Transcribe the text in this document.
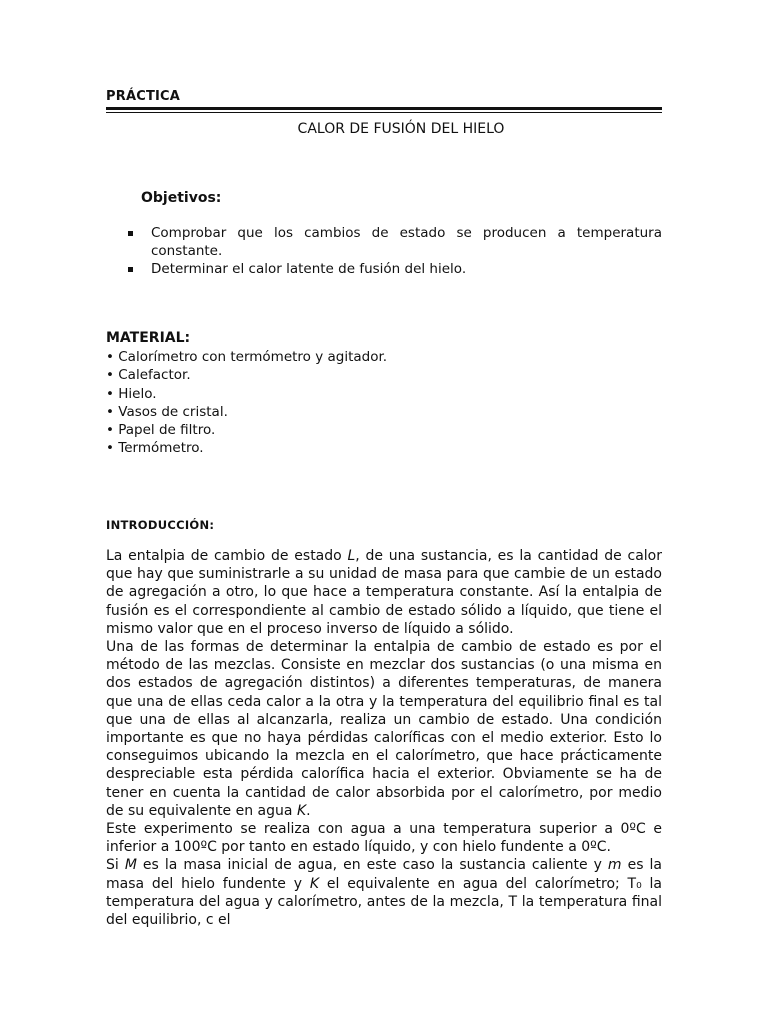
PRÁCTICA
CALOR DE FUSIÓN DEL HIELO
Objetivos:
Comprobar que los cambios de estado se producen a temperatura constante.
Determinar el calor latente de fusión del hielo.
MATERIAL:
• Calorímetro con termómetro y agitador.
• Calefactor.
• Hielo.
• Vasos de cristal.
• Papel de filtro.
• Termómetro.
INTRODUCCIÓN:

La entalpia de cambio de estado L, de una sustancia, es la cantidad de calor que hay que suministrarle a su unidad de masa para que cambie de un estado de agregación a otro, lo que hace a temperatura constante. Así la entalpia de fusión es el correspondiente al cambio de estado sólido a líquido, que tiene el mismo valor que en el proceso inverso de líquido a sólido.

Una de las formas de determinar la entalpia de cambio de estado es por el método de las mezclas. Consiste en mezclar dos sustancias (o una misma en dos estados de agregación distintos) a diferentes temperaturas, de manera que una de ellas ceda calor a la otra y la temperatura del equilibrio final es tal que una de ellas al alcanzarla, realiza un cambio de estado. Una condición importante es que no haya pérdidas caloríficas con el medio exterior. Esto lo conseguimos ubicando la mezcla en el calorímetro, que hace prácticamente despreciable esta pérdida calorífica hacia el exterior. Obviamente se ha de tener en cuenta la cantidad de calor absorbida por el calorímetro, por medio de su equivalente en agua K.

Este experimento se realiza con agua a una temperatura superior a 0ºC e inferior a 100ºC por tanto en estado líquido, y con hielo fundente a 0ºC.

Si M es la masa inicial de agua, en este caso la sustancia caliente y m es la masa del hielo fundente y K el equivalente en agua del calorímetro; T₀ la temperatura del agua y calorímetro, antes de la mezcla, T la temperatura final del equilibrio, c el
